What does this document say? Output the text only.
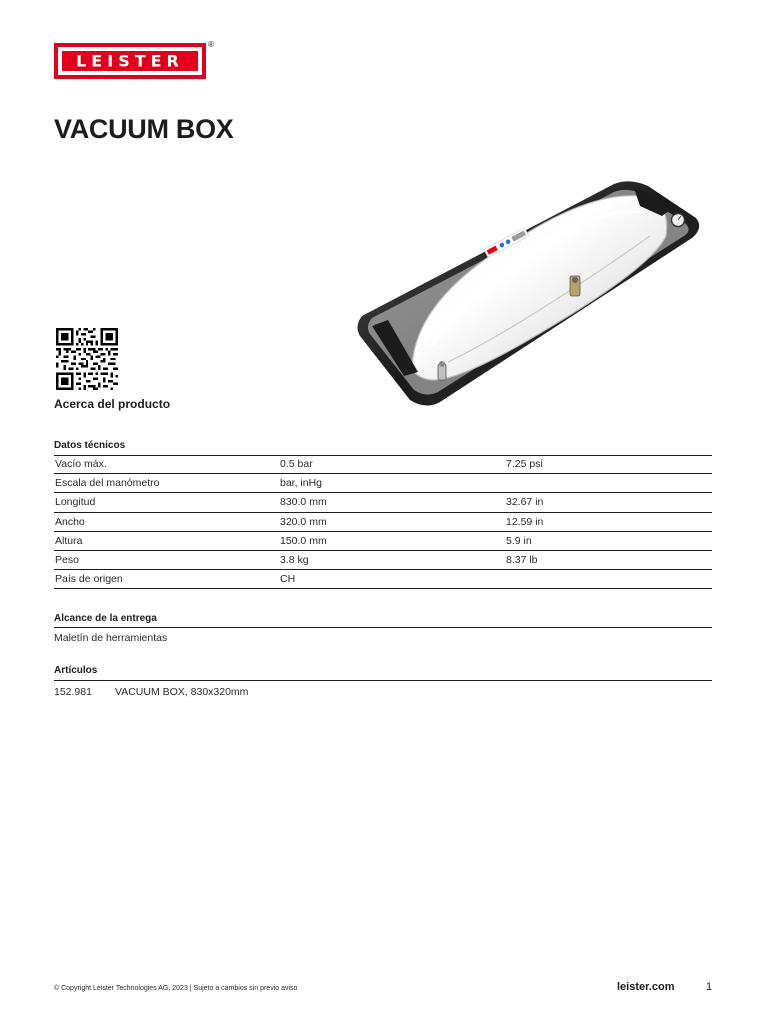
LEISTER
®
VACUUM BOX
Acerca del producto
Datos técnicos
Vacío máx.	0.5 bar	7.25 psi
Escala del manómetro	bar, inHg
Longitud	830.0 mm	32.67 in
Ancho	320.0 mm	12.59 in
Altura	150.0 mm	5.9 in
Peso	3.8 kg	8.37 lb
País de origen	CH
Alcance de la entrega
Maletín de herramientas
Artículos
152.981 VACUUM BOX, 830x320mm
© Copyright Leister Technologies AG, 2023 | Sujeto a cambios sin previo aviso	leister.com	1
